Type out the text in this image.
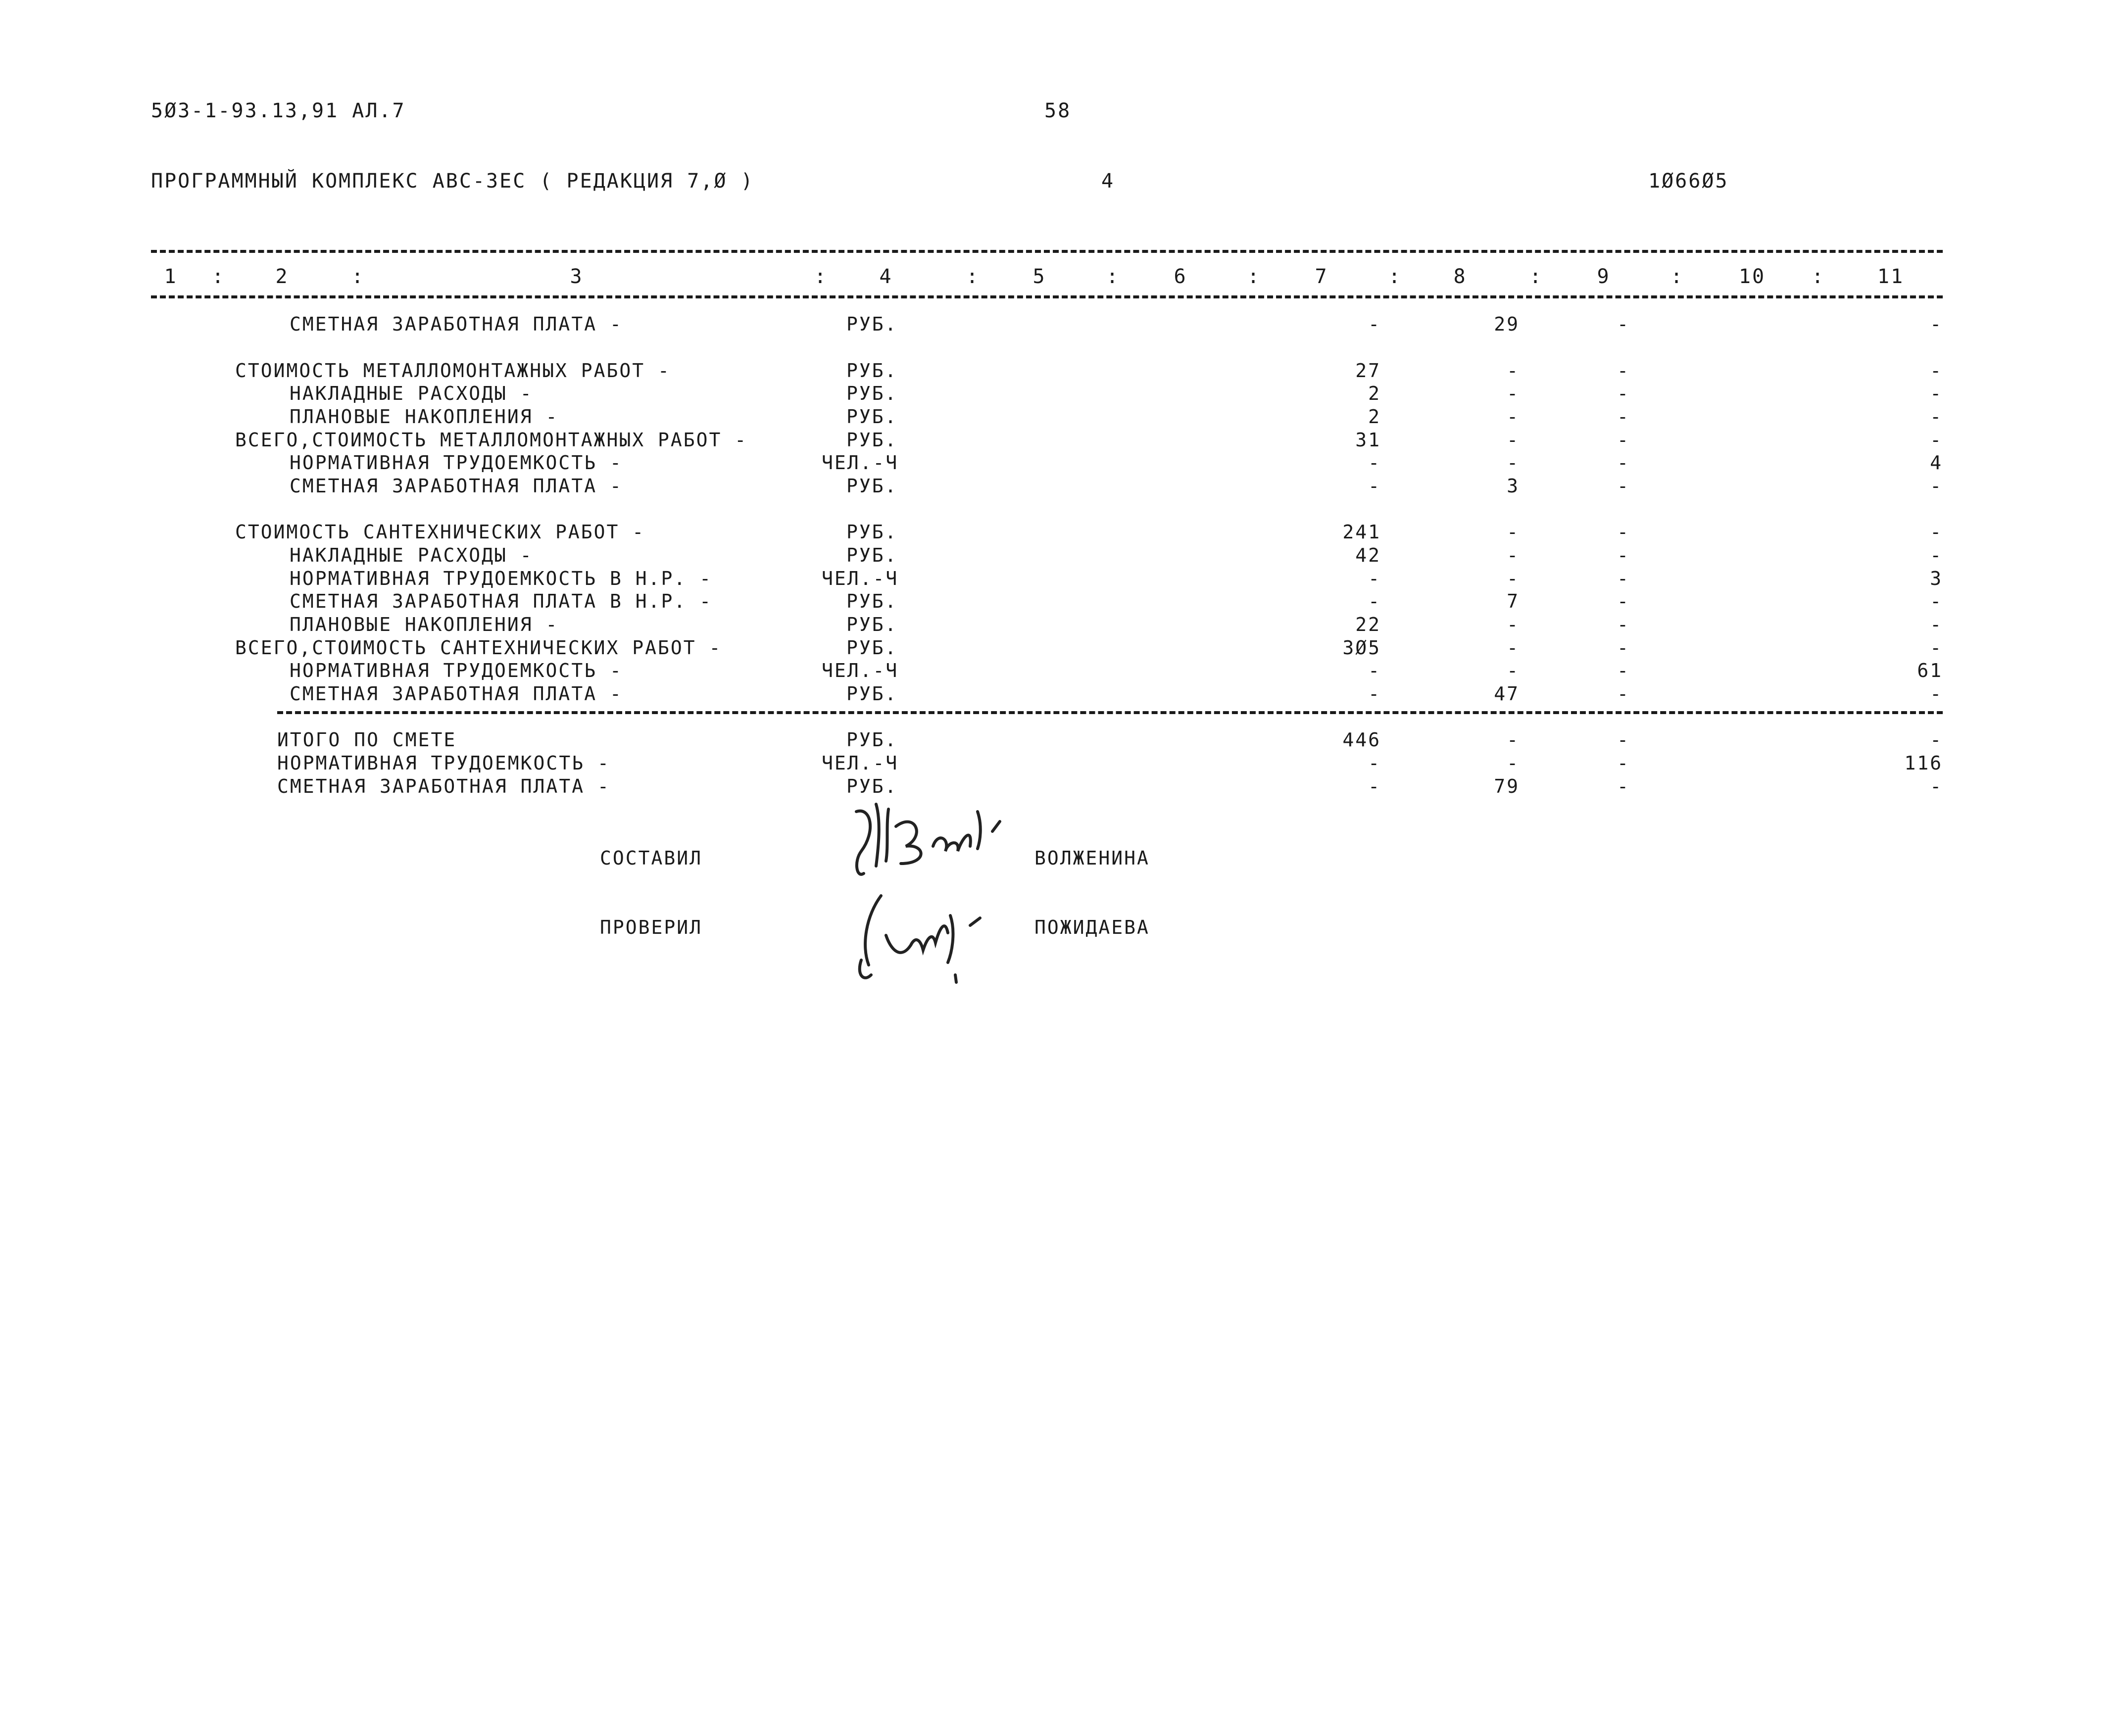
5Ø3-1-93.13,91 АЛ.7	58
ПРОГРАММНЫЙ КОМПЛЕКС АВС-3ЕС ( РЕДАКЦИЯ 7,Ø )	4	1Ø66Ø5
1	2	3	4	5	6	7	8	9	10	11
:	:	:	:	:	:	:	:	:	:
СМЕТНАЯ ЗАРАБОТНАЯ ПЛАТА -	РУБ.	-	29	-	-
СТОИМОСТЬ МЕТАЛЛОМОНТАЖНЫХ РАБОТ -	РУБ.	27	-	-	-
НАКЛАДНЫЕ РАСХОДЫ -	РУБ.	2	-	-	-
ПЛАНОВЫЕ НАКОПЛЕНИЯ -	РУБ.	2	-	-	-
ВСЕГО,СТОИМОСТЬ МЕТАЛЛОМОНТАЖНЫХ РАБОТ -	РУБ.	31	-	-	-
НОРМАТИВНАЯ ТРУДОЕМКОСТЬ -	ЧЕЛ.-Ч	-	-	-	4
СМЕТНАЯ ЗАРАБОТНАЯ ПЛАТА -	РУБ.	-	3	-	-
СТОИМОСТЬ САНТЕХНИЧЕСКИХ РАБОТ -	РУБ.	241	-	-	-
НАКЛАДНЫЕ РАСХОДЫ -	РУБ.	42	-	-	-
НОРМАТИВНАЯ ТРУДОЕМКОСТЬ В Н.Р. -	ЧЕЛ.-Ч	-	-	-	3
СМЕТНАЯ ЗАРАБОТНАЯ ПЛАТА В Н.Р. -	РУБ.	-	7	-	-
ПЛАНОВЫЕ НАКОПЛЕНИЯ -	РУБ.	22	-	-	-
ВСЕГО,СТОИМОСТЬ САНТЕХНИЧЕСКИХ РАБОТ -	РУБ.	3Ø5	-	-	-
НОРМАТИВНАЯ ТРУДОЕМКОСТЬ -	ЧЕЛ.-Ч	-	-	-	61
СМЕТНАЯ ЗАРАБОТНАЯ ПЛАТА -	РУБ.	-	47	-	-
ИТОГО ПО СМЕТЕ	РУБ.	446	-	-	-
НОРМАТИВНАЯ ТРУДОЕМКОСТЬ -	ЧЕЛ.-Ч	-	-	-	116
СМЕТНАЯ ЗАРАБОТНАЯ ПЛАТА -	РУБ.	-	79	-	-
СОСТАВИЛ	ВОЛЖЕНИНА
ПРОВЕРИЛ	ПОЖИДАЕВА
